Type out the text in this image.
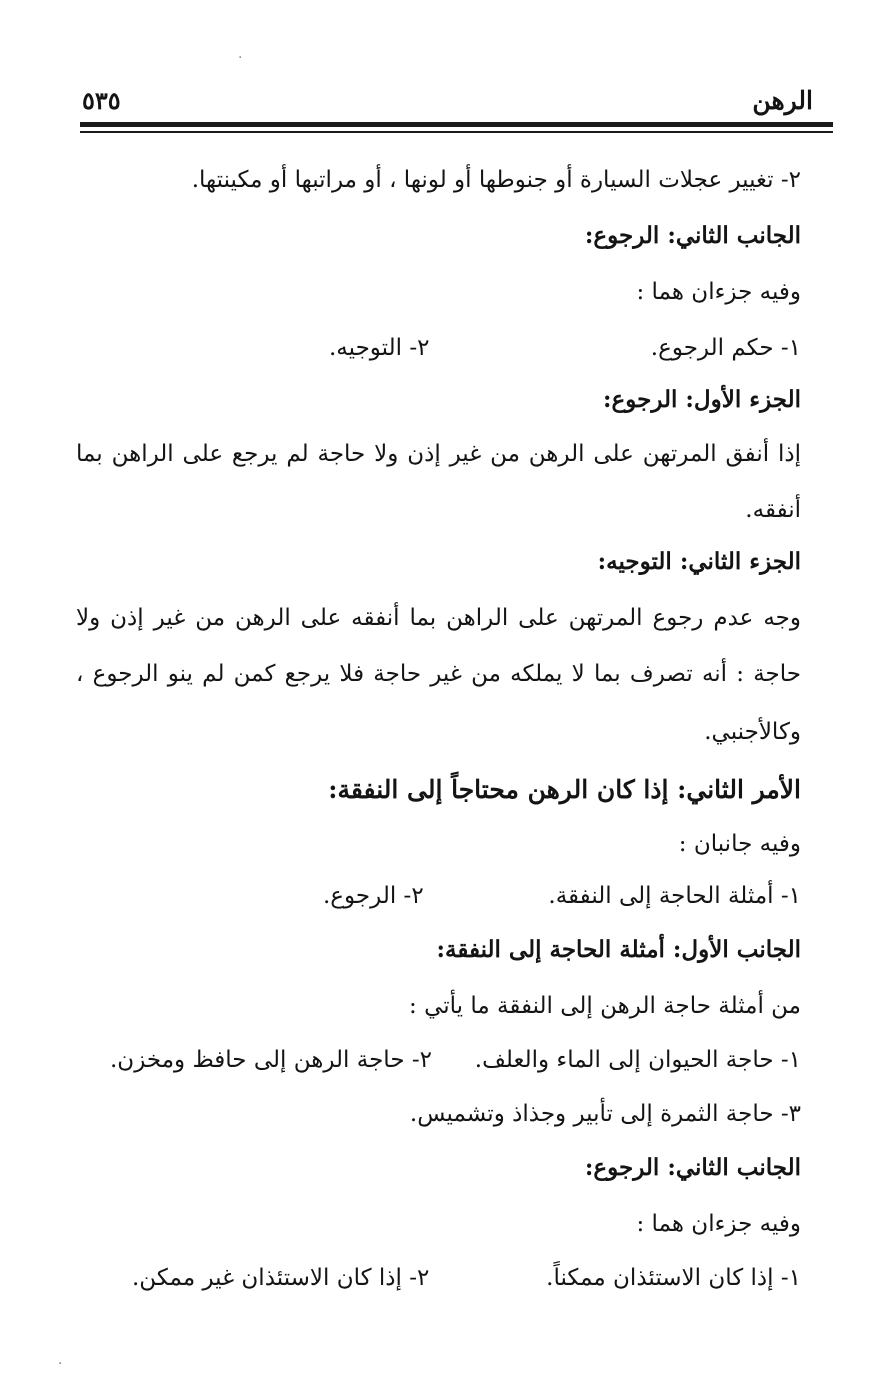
الرهن
٥٣٥
٢- تغيير عجلات السيارة أو جنوطها أو لونها ، أو مراتبها أو مكينتها.
الجانب الثاني: الرجوع:
وفيه جزءان هما :
١- حكم الرجوع.
٢- التوجيه.
الجزء الأول: الرجوع:
إذا أنفق المرتهن على الرهن من غير إذن ولا حاجة لم يرجع على الراهن بما
أنفقه.
الجزء الثاني: التوجيه:
وجه عدم رجوع المرتهن على الراهن بما أنفقه على الرهن من غير إذن ولا
حاجة : أنه تصرف بما لا يملكه من غير حاجة فلا يرجع كمن لم ينو الرجوع ،
وكالأجنبي.
الأمر الثاني: إذا كان الرهن محتاجاً إلى النفقة:
وفيه جانبان :
١- أمثلة الحاجة إلى النفقة.
٢- الرجوع.
الجانب الأول: أمثلة الحاجة إلى النفقة:
من أمثلة حاجة الرهن إلى النفقة ما يأتي :
١- حاجة الحيوان إلى الماء والعلف.
٢- حاجة الرهن إلى حافظ ومخزن.
٣- حاجة الثمرة إلى تأبير وجذاذ وتشميس.
الجانب الثاني: الرجوع:
وفيه جزءان هما :
١- إذا كان الاستئذان ممكناً.
٢- إذا كان الاستئذان غير ممكن.
·
·
